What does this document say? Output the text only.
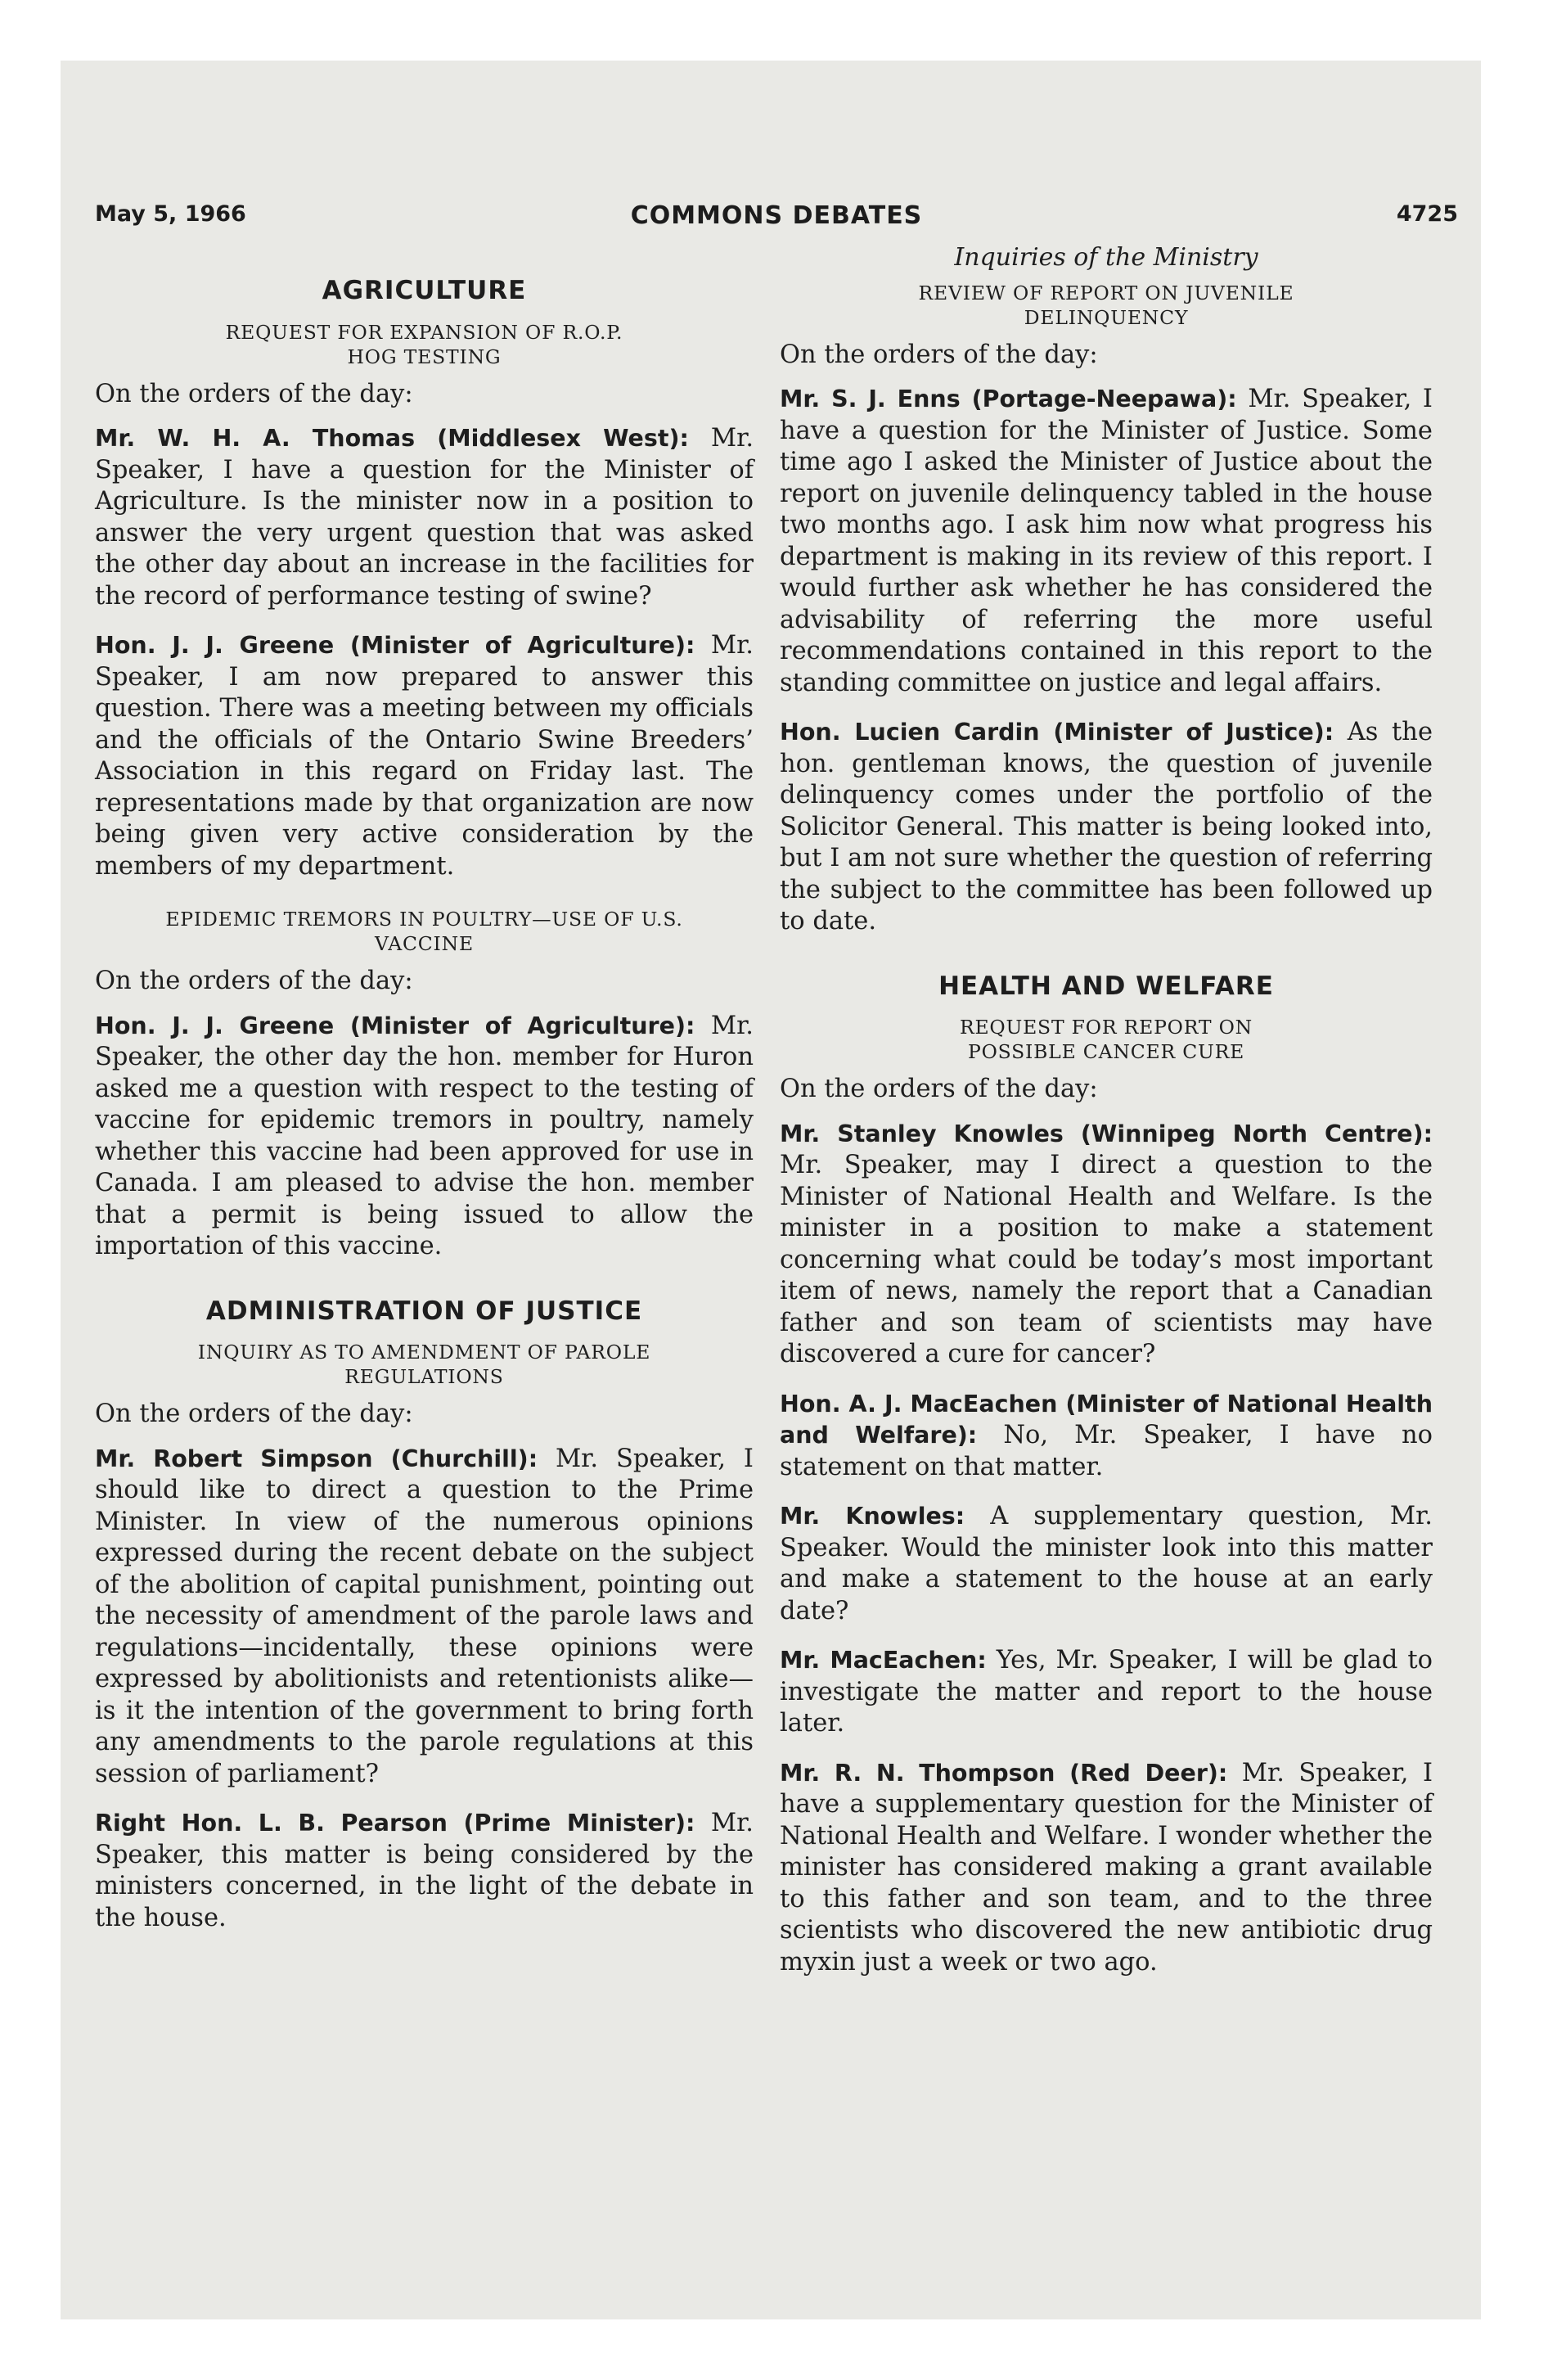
May 5, 1966	COMMONS DEBATES	4725
AGRICULTURE
REQUEST FOR EXPANSION OF R.O.P. HOG TESTING
On the orders of the day:

Mr. W. H. A. Thomas (Middlesex West): Mr. Speaker, I have a question for the Minister of Agriculture. Is the minister now in a position to answer the very urgent question that was asked the other day about an increase in the facilities for the record of performance testing of swine?

Hon. J. J. Greene (Minister of Agriculture): Mr. Speaker, I am now prepared to answer this question. There was a meeting between my officials and the officials of the Ontario Swine Breeders’ Association in this regard on Friday last. The representations made by that organization are now being given very active consideration by the members of my department.

EPIDEMIC TREMORS IN POULTRY—USE OF U.S. VACCINE
On the orders of the day:

Hon. J. J. Greene (Minister of Agriculture): Mr. Speaker, the other day the hon. member for Huron asked me a question with respect to the testing of vaccine for epidemic tremors in poultry, namely whether this vaccine had been approved for use in Canada. I am pleased to advise the hon. member that a permit is being issued to allow the importation of this vaccine.

ADMINISTRATION OF JUSTICE
INQUIRY AS TO AMENDMENT OF PAROLE REGULATIONS
On the orders of the day:

Mr. Robert Simpson (Churchill): Mr. Speaker, I should like to direct a question to the Prime Minister. In view of the numerous opinions expressed during the recent debate on the subject of the abolition of capital punishment, pointing out the necessity of amendment of the parole laws and regulations—incidentally, these opinions were expressed by abolitionists and retentionists alike—is it the intention of the government to bring forth any amendments to the parole regulations at this session of parliament?

Right Hon. L. B. Pearson (Prime Minister): Mr. Speaker, this matter is being considered by the ministers concerned, in the light of the debate in the house.

Inquiries of the Ministry
REVIEW OF REPORT ON JUVENILE DELINQUENCY
On the orders of the day:

Mr. S. J. Enns (Portage-Neepawa): Mr. Speaker, I have a question for the Minister of Justice. Some time ago I asked the Minister of Justice about the report on juvenile delinquency tabled in the house two months ago. I ask him now what progress his department is making in its review of this report. I would further ask whether he has considered the advisability of referring the more useful recommendations contained in this report to the standing committee on justice and legal affairs.

Hon. Lucien Cardin (Minister of Justice): As the hon. gentleman knows, the question of juvenile delinquency comes under the portfolio of the Solicitor General. This matter is being looked into, but I am not sure whether the question of referring the subject to the committee has been followed up to date.

HEALTH AND WELFARE
REQUEST FOR REPORT ON POSSIBLE CANCER CURE
On the orders of the day:

Mr. Stanley Knowles (Winnipeg North Centre): Mr. Speaker, may I direct a question to the Minister of National Health and Welfare. Is the minister in a position to make a statement concerning what could be today’s most important item of news, namely the report that a Canadian father and son team of scientists may have discovered a cure for cancer?

Hon. A. J. MacEachen (Minister of National Health and Welfare): No, Mr. Speaker, I have no statement on that matter.

Mr. Knowles: A supplementary question, Mr. Speaker. Would the minister look into this matter and make a statement to the house at an early date?

Mr. MacEachen: Yes, Mr. Speaker, I will be glad to investigate the matter and report to the house later.

Mr. R. N. Thompson (Red Deer): Mr. Speaker, I have a supplementary question for the Minister of National Health and Welfare. I wonder whether the minister has considered making a grant available to this father and son team, and to the three scientists who discovered the new antibiotic drug myxin just a week or two ago.
